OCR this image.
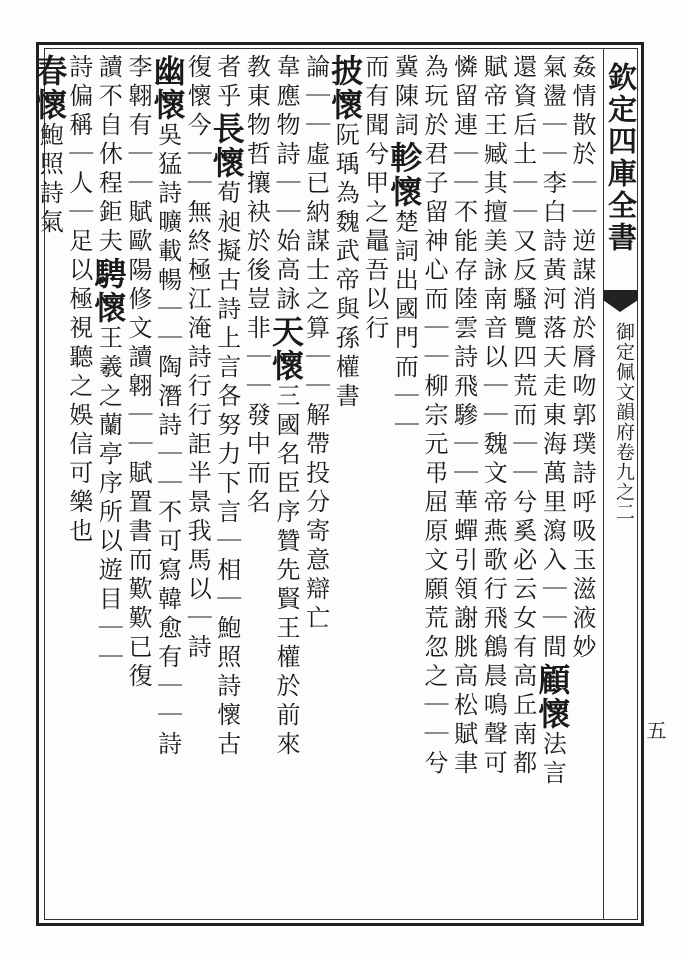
欽定四庫全書
御定佩文韻府卷九之二
五
姦情散於｜｜逆謀消於脣吻郭璞詩呼吸玉滋液妙
氣盪｜｜李白詩黃河落天走東海萬里瀉入｜｜間顧懷法言
還資后土｜｜又反騷覽四荒而｜｜兮奚必云女有高丘南都
賦帝王臧其擅美詠南音以｜｜魏文帝燕歌行飛鶬晨鳴聲可
憐留連｜｜不能存陸雲詩飛驂｜｜華蟬引領謝朓高松賦聿
為玩於君子留神心而｜｜柳宗元弔屈原文願荒忽之｜｜兮
冀陳詞軫懷楚詞出國門而｜｜
而有聞兮甲之鼂吾以行
披懷阮瑀為魏武帝與孫權書
論｜｜虛已納謀士之算｜｜解帶投分寄意辯亡
韋應物詩｜｜始高詠天懷三國名臣序贊先賢王權於前來
教東物哲攘袂於後豈非｜｜發中而名
者乎長懷荀昶擬古詩上言各努力下言｜相｜鮑照詩懷古
復懷今｜｜無終極江淹詩行行詎半景我馬以｜詩
幽懷吳猛詩曠載暢｜｜陶潛詩｜｜不可寫韓愈有｜｜詩
李翺有｜｜賦歐陽修文讀翺｜｜賦置書而歎歎已復
讀不自休程鉅夫騁懷王羲之蘭亭序所以遊目｜｜
詩偏稱｜人｜足以極視聽之娛信可樂也
春懷鮑照詩氣
